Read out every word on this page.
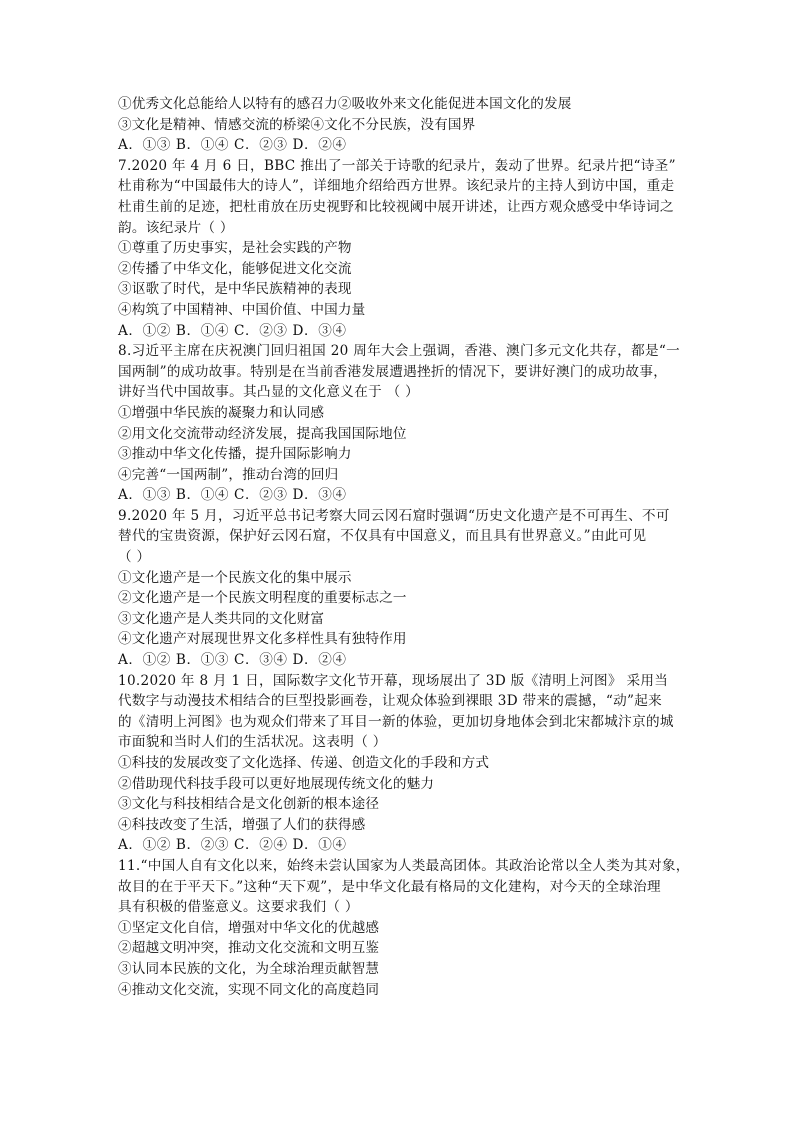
①优秀文化总能给人以特有的感召力②吸收外来文化能促进本国文化的发展
③文化是精神、情感交流的桥梁④文化不分民族，没有国界
A．①③ B．①④ C．②③ D．②④
7.2020 年 4 月 6 日，BBC 推出了一部关于诗歌的纪录片，轰动了世界。纪录片把“诗圣”
杜甫称为“中国最伟大的诗人”，详细地介绍给西方世界。该纪录片的主持人到访中国，重走
杜甫生前的足迹，把杜甫放在历史视野和比较视阈中展开讲述，让西方观众感受中华诗词之
韵。该纪录片（ ）
①尊重了历史事实，是社会实践的产物
②传播了中华文化，能够促进文化交流
③讴歌了时代，是中华民族精神的表现
④构筑了中国精神、中国价值、中国力量
A．①② B．①④ C．②③ D．③④
8.习近平主席在庆祝澳门回归祖国 20 周年大会上强调，香港、澳门多元文化共存，都是“一
国两制”的成功故事。特别是在当前香港发展遭遇挫折的情况下，要讲好澳门的成功故事，
讲好当代中国故事。其凸显的文化意义在于 （ ）
①增强中华民族的凝聚力和认同感
②用文化交流带动经济发展，提高我国国际地位
③推动中华文化传播，提升国际影响力
④完善“一国两制”，推动台湾的回归
A．①③ B．①④ C．②③ D．③④
9.2020 年 5 月，习近平总书记考察大同云冈石窟时强调“历史文化遗产是不可再生、不可
替代的宝贵资源，保护好云冈石窟，不仅具有中国意义，而且具有世界意义。”由此可见
（ ）
①文化遗产是一个民族文化的集中展示
②文化遗产是一个民族文明程度的重要标志之一
③文化遗产是人类共同的文化财富
④文化遗产对展现世界文化多样性具有独特作用
A．①② B．①③ C．③④ D．②④
10.2020 年 8 月 1 日，国际数字文化节开幕，现场展出了 3D 版《清明上河图》 采用当
代数字与动漫技术相结合的巨型投影画卷，让观众体验到裸眼 3D 带来的震撼，“动”起来
的《清明上河图》也为观众们带来了耳目一新的体验，更加切身地体会到北宋都城汴京的城
市面貌和当时人们的生活状况。这表明（ ）
①科技的发展改变了文化选择、传递、创造文化的手段和方式
②借助现代科技手段可以更好地展现传统文化的魅力
③文化与科技相结合是文化创新的根本途径
④科技改变了生活，增强了人们的获得感
A．①② B．②③ C．②④ D．①④
11.“中国人自有文化以来，始终未尝认国家为人类最高团体。其政治论常以全人类为其对象，
故目的在于平天下。”这种“天下观”，是中华文化最有格局的文化建构，对今天的全球治理
具有积极的借鉴意义。这要求我们（ ）
①坚定文化自信，增强对中华文化的优越感
②超越文明冲突，推动文化交流和文明互鉴
③认同本民族的文化，为全球治理贡献智慧
④推动文化交流，实现不同文化的高度趋同
